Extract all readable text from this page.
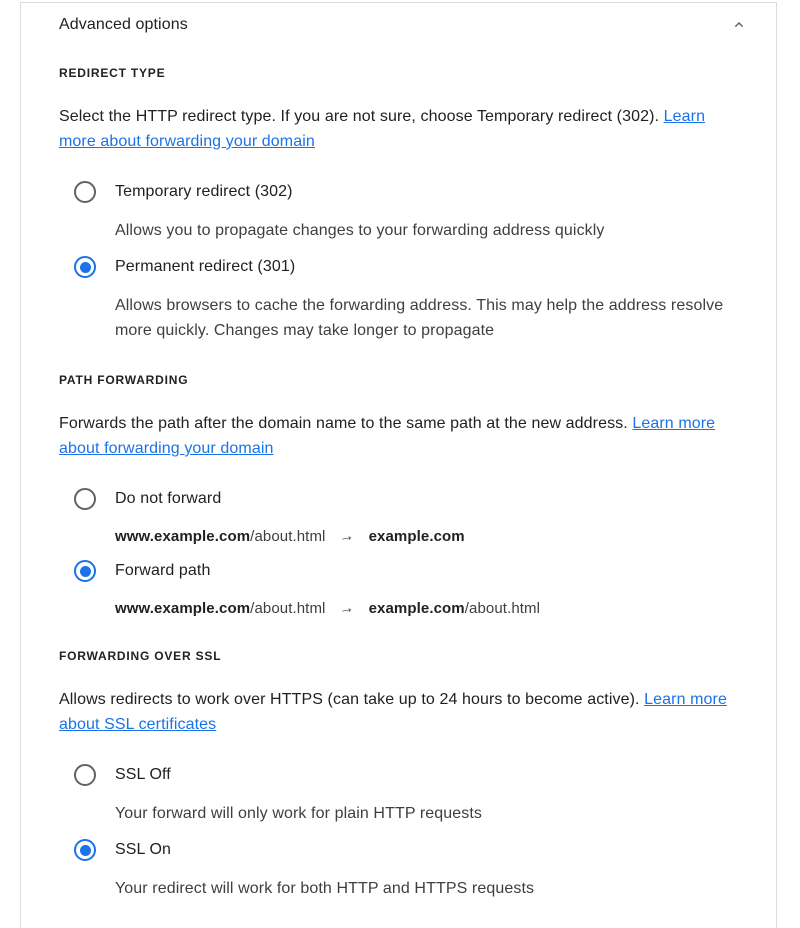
Advanced options
REDIRECT TYPE

Select the HTTP redirect type. If you are not sure, choose Temporary redirect (302). Learn more about forwarding your domain

Temporary redirect (302)
Allows you to propagate changes to your forwarding address quickly
Permanent redirect (301)
Allows browsers to cache the forwarding address. This may help the address resolve more quickly. Changes may take longer to propagate
PATH FORWARDING

Forwards the path after the domain name to the same path at the new address. Learn more about forwarding your domain

Do not forward
www.example.com/about.html → example.com
Forward path
www.example.com/about.html → example.com/about.html
FORWARDING OVER SSL

Allows redirects to work over HTTPS (can take up to 24 hours to become active). Learn more about SSL certificates

SSL Off
Your forward will only work for plain HTTP requests
SSL On
Your redirect will work for both HTTP and HTTPS requests
